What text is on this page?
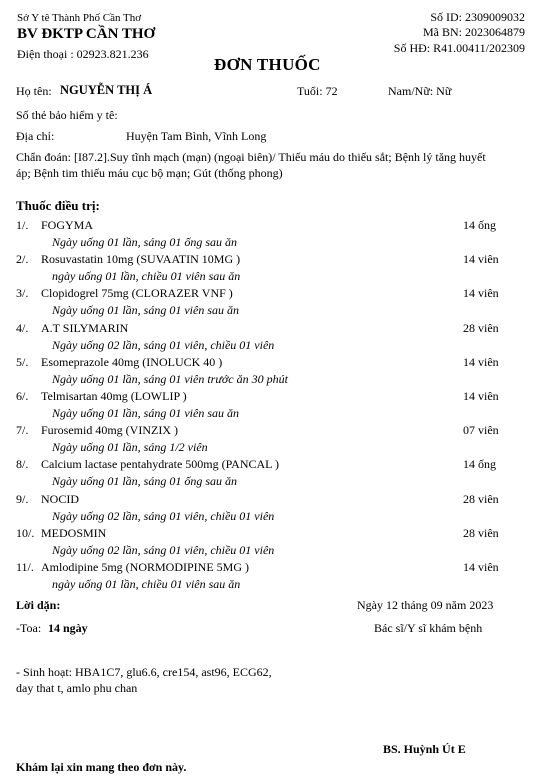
Sở Y tê Thành Phố Cần Thơ
BV ĐKTP CẦN THƠ
Điện thoại : 02923.821.236
Số ID: 2309009032
Mã BN: 2023064879
Số HĐ: R41.00411/202309
ĐƠN THUỐC
Họ tên: NGUYỄN THỊ Á	Tuổi: 72	Nam/Nữ: Nữ
Số thẻ bảo hiểm y tê:
Địa chỉ:	Huyện Tam Bình, Vĩnh Long
Chẩn đoán: [I87.2].Suy tĩnh mạch (mạn) (ngoại biên)/ Thiếu máu do thiếu sắt; Bệnh lý tăng huyết
áp; Bệnh tim thiếu máu cục bộ mạn; Gút (thống phong)
Thuốc điều trị:
1/. FOGYMA	14 ống
Ngày uống 01 lần, sáng 01 ống sau ăn
2/. Rosuvastatin 10mg (SUVAATIN 10MG )	14 viên
ngày uống 01 lần, chiều 01 viên sau ăn
3/. Clopidogrel 75mg (CLORAZER VNF )	14 viên
Ngày uống 01 lần, sáng 01 viên sau ăn
4/. A.T SILYMARIN	28 viên
Ngày uống 02 lần, sáng 01 viên, chiều 01 viên
5/. Esomeprazole 40mg (INOLUCK 40 )	14 viên
Ngày uống 01 lần, sáng 01 viên trước ăn 30 phút
6/. Telmisartan 40mg (LOWLIP )	14 viên
Ngày uống 01 lần, sáng 01 viên sau ăn
7/. Furosemid 40mg (VINZIX )	07 viên
Ngày uống 01 lần, sáng 1/2 viên
8/. Calcium lactase pentahydrate 500mg (PANCAL )	14 ống
Ngày uống 01 lần, sáng 01 ống sau ăn
9/. NOCID	28 viên
Ngày uống 02 lần, sáng 01 viên, chiều 01 viên
10/. MEDOSMIN	28 viên
Ngày uống 02 lần, sáng 01 viên, chiều 01 viên
11/. Amlodipine 5mg (NORMODIPINE 5MG )	14 viên
ngày uống 01 lần, chiều 01 viên sau ăn
Lời dặn:	Ngày 12 tháng 09 năm 2023
-Toa: 14 ngày	Bác sĩ/Y sĩ khám bệnh
- Sinh hoạt: HBA1C7, glu6.6, cre154, ast96, ECG62,
day that t, amlo phu chan
BS. Huỳnh Út E
Khám lại xin mang theo đơn này.
